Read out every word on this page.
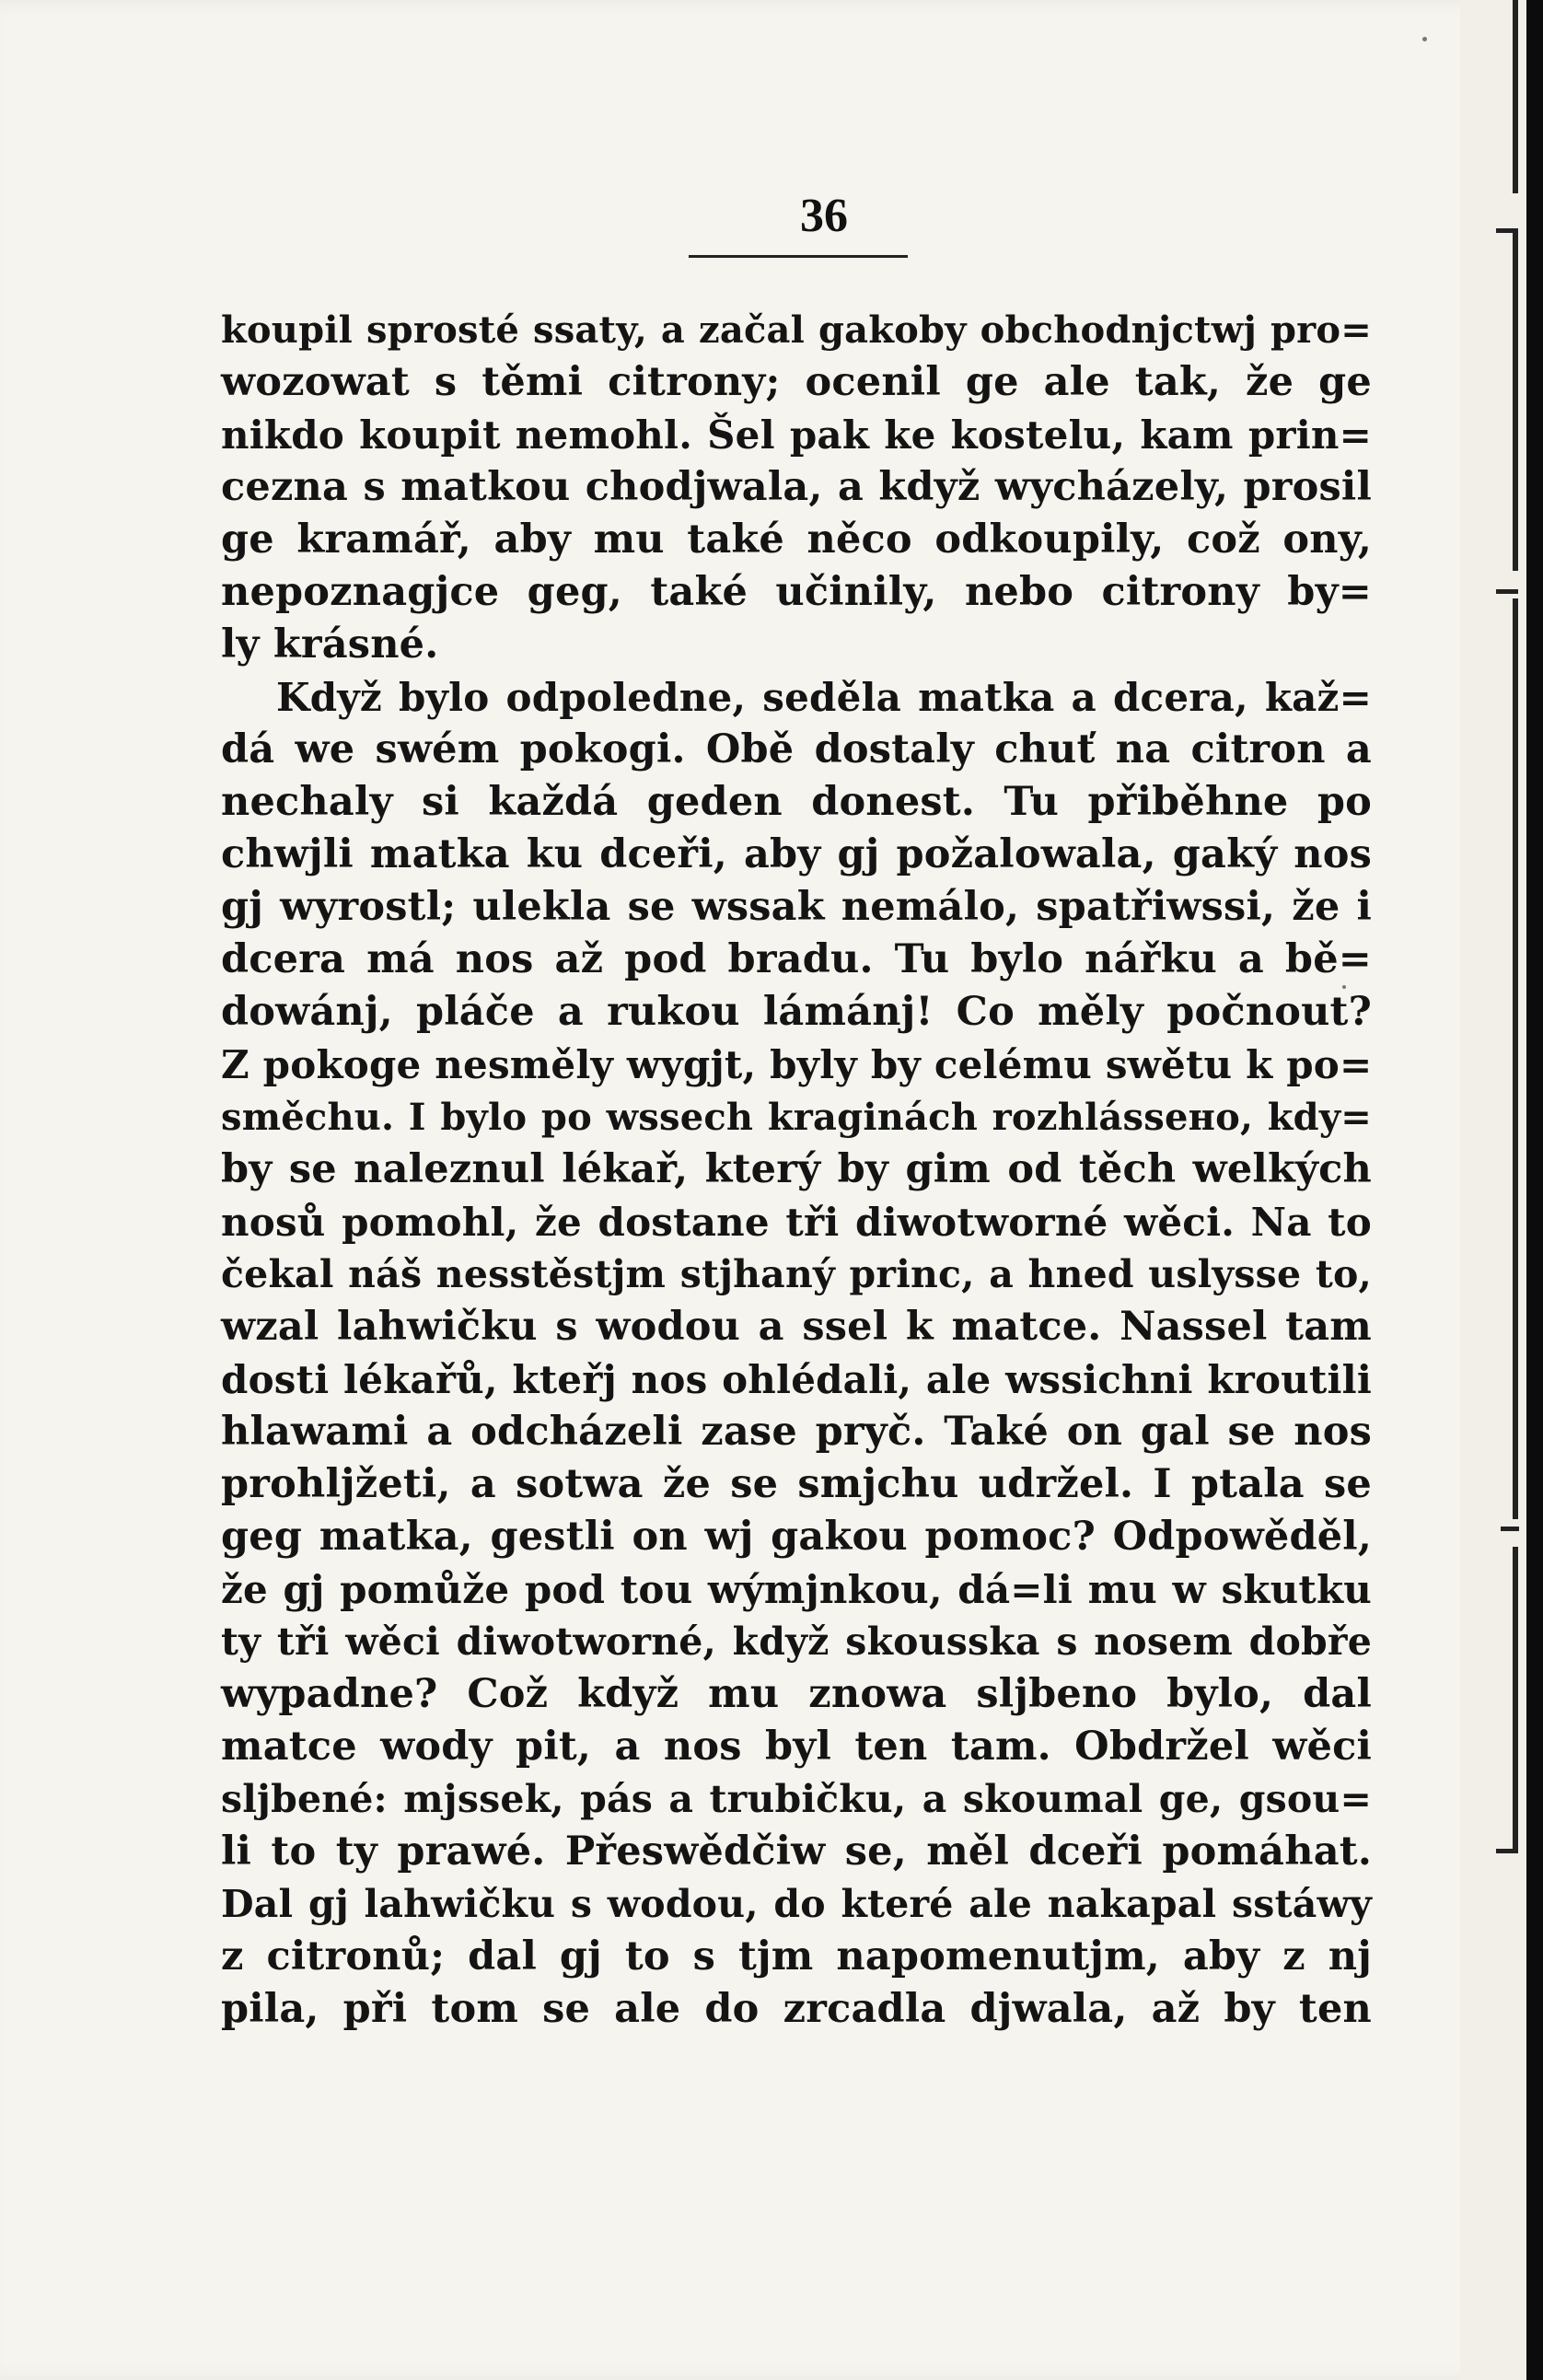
36
koupil sprosté ssaty, a začal gakoby obchodnjctwj pro=
wozowat s těmi citrony; ocenil ge ale tak, že ge
nikdo koupit nemohl. Šel pak ke kostelu, kam prin=
cezna s matkou chodjwala, a když wycházely, prosil
ge kramář, aby mu také něco odkoupily, což ony,
nepoznagjce geg, také učinily, nebo citrony by=
ly krásné.
Když bylo odpoledne, seděla matka a dcera, kaž=
dá we swém pokogi. Obě dostaly chuť na citron a
nechaly si každá geden donest. Tu přiběhne po
chwjli matka ku dceři, aby gj požalowala, gaký nos
gj wyrostl; ulekla se wssak nemálo, spatřiwssi, že i
dcera má nos až pod bradu. Tu bylo nářku a bě=
dowánj, pláče a rukou lámánj! Co měly počnout?
Z pokoge nesměly wygjt, byly by celému swětu k po=
směchu. I bylo po wssech kraginách rozhlássено, kdy=
by se naleznul lékař, který by gim od těch welkých
nosů pomohl, že dostane tři diwotworné wěci. Na to
čekal náš nesstěstjm stjhaný princ, a hned uslysse to,
wzal lahwičku s wodou a ssel k matce. Nassel tam
dosti lékařů, kteřj nos ohlédali, ale wssichni kroutili
hlawami a odcházeli zase pryč. Také on gal se nos
prohljžeti, a sotwa že se smjchu udržel. I ptala se
geg matka, gestli on wj gakou pomoc? Odpowěděl,
že gj pomůže pod tou wýmjnkou, dá=li mu w skutku
ty tři wěci diwotworné, když skousska s nosem dobře
wypadne? Což když mu znowa sljbeno bylo, dal
matce wody pit, a nos byl ten tam. Obdržel wěci
sljbené: mjssek, pás a trubičku, a skoumal ge, gsou=
li to ty prawé. Přeswědčiw se, měl dceři pomáhat.
Dal gj lahwičku s wodou, do které ale nakapal sstáwy
z citronů; dal gj to s tjm napomenutjm, aby z nj
pila, při tom se ale do zrcadla djwala, až by ten
